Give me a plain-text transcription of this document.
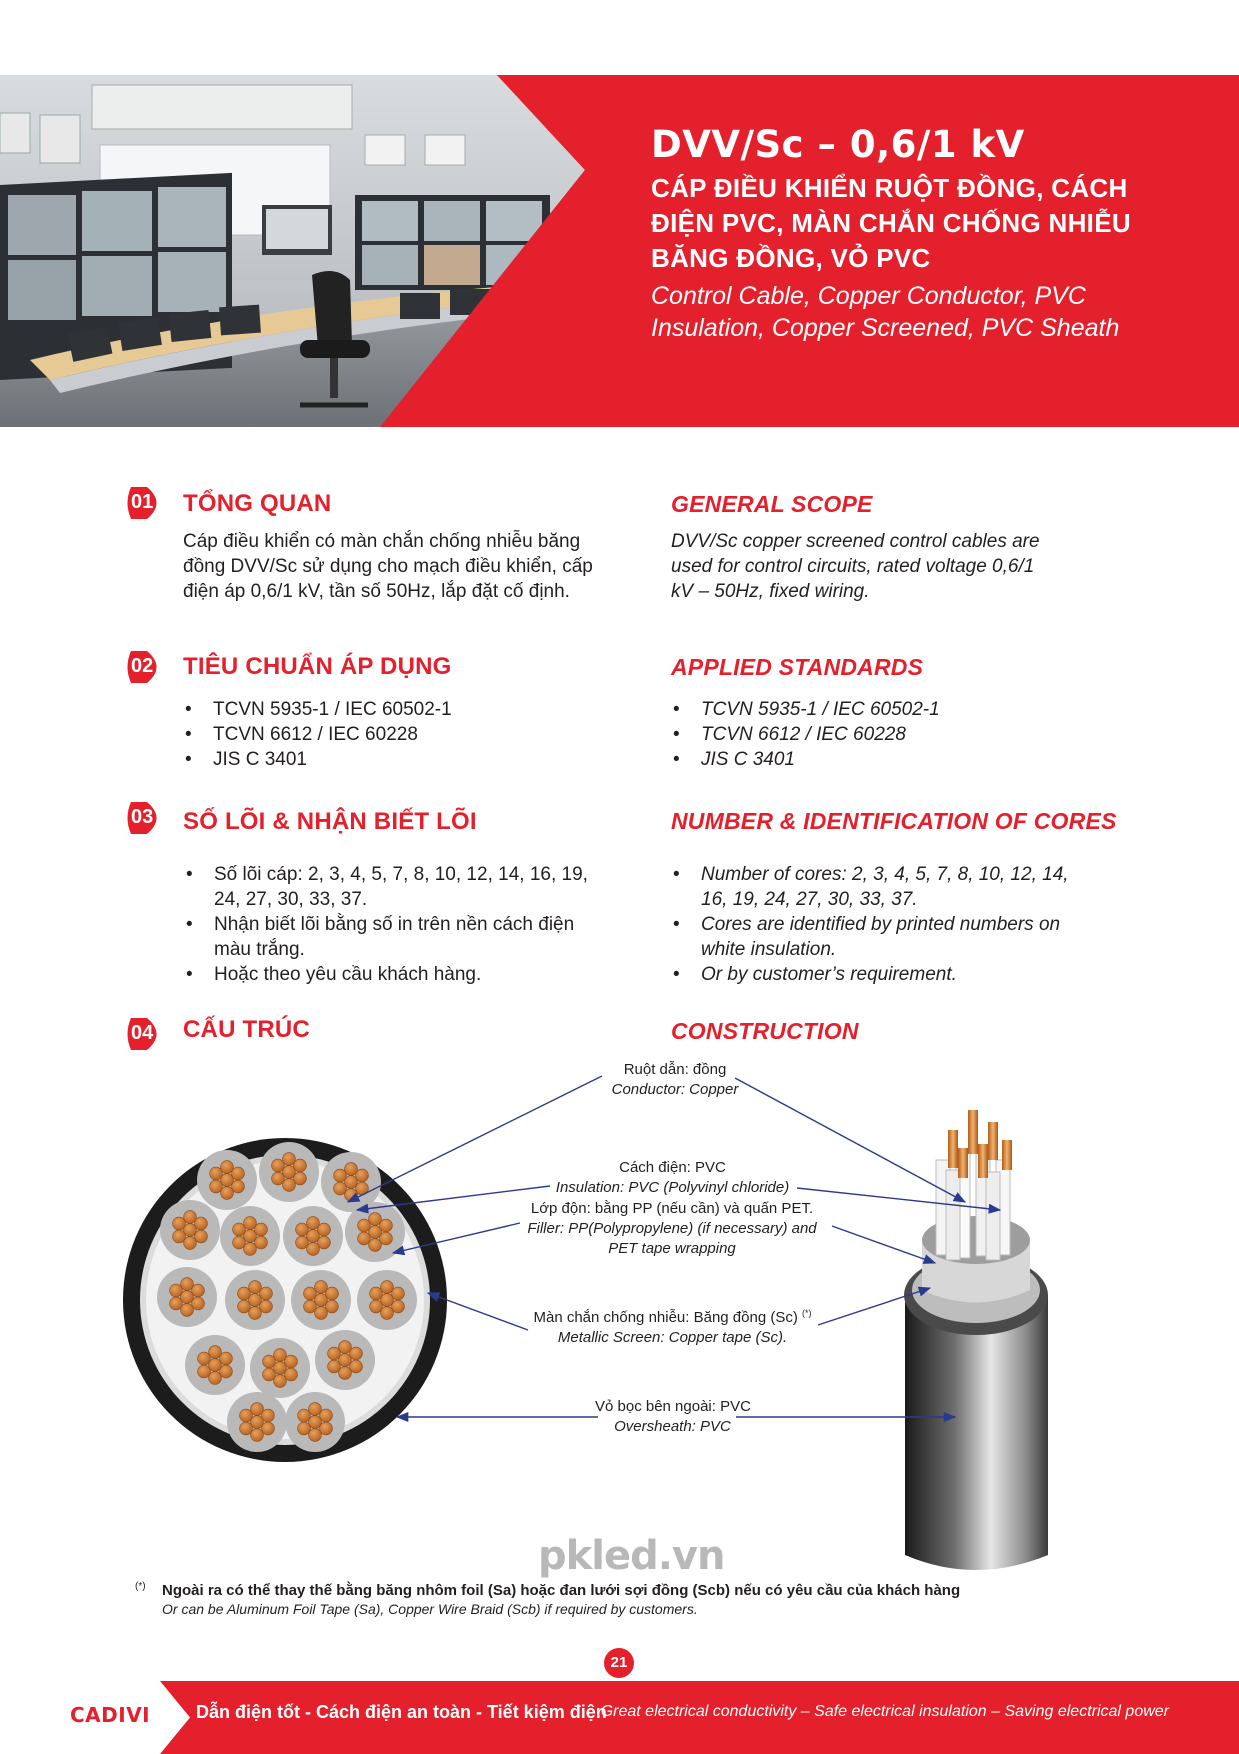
DVV/Sc – 0,6/1 kV
CÁP ĐIỀU KHIỂN RUỘT ĐỒNG, CÁCH
ĐIỆN PVC, MÀN CHẮN CHỐNG NHIỄU
BĂNG ĐỒNG, VỎ PVC
Control Cable, Copper Conductor, PVC
Insulation, Copper Screened, PVC Sheath
01 TỔNG QUAN	GENERAL SCOPE
Cáp điều khiển có màn chắn chống nhiễu băng
đồng DVV/Sc sử dụng cho mạch điều khiển, cấp
điện áp 0,6/1 kV, tần số 50Hz, lắp đặt cố định.
DVV/Sc copper screened control cables are
used for control circuits, rated voltage 0,6/1
kV – 50Hz, fixed wiring.
02 TIÊU CHUẨN ÁP DỤNG	APPLIED STANDARDS
• TCVN 5935-1 / IEC 60502-1
• TCVN 6612 / IEC 60228
• JIS C 3401
• TCVN 5935-1 / IEC 60502-1
• TCVN 6612 / IEC 60228
• JIS C 3401
03 SỐ LÕI & NHẬN BIẾT LÕI	NUMBER & IDENTIFICATION OF CORES
• Số lõi cáp: 2, 3, 4, 5, 7, 8, 10, 12, 14, 16, 19,
24, 27, 30, 33, 37.
• Nhận biết lõi bằng số in trên nền cách điện
màu trắng.
• Hoặc theo yêu cầu khách hàng.
• Number of cores: 2, 3, 4, 5, 7, 8, 10, 12, 14,
16, 19, 24, 27, 30, 33, 37.
• Cores are identified by printed numbers on
white insulation.
• Or by customer’s requirement.
04 CẤU TRÚC	CONSTRUCTION
Ruột dẫn: đồng
Conductor: Copper
Cách điện: PVC
Insulation: PVC (Polyvinyl chloride)
Lớp độn: bằng PP (nếu cần) và quấn PET.
Filler: PP(Polypropylene) (if necessary) and
PET tape wrapping
Màn chắn chống nhiễu: Băng đồng (Sc) (*)
Metallic Screen: Copper tape (Sc).
Vỏ bọc bên ngoài: PVC
Oversheath: PVC
pkled.vn
(*)	Ngoài ra có thể thay thế bằng băng nhôm foil (Sa) hoặc đan lưới sợi đồng (Scb) nếu có yêu cầu của khách hàng
Or can be Aluminum Foil Tape (Sa), Copper Wire Braid (Scb) if required by customers.
21
CADIVI	Dẫn điện tốt - Cách điện an toàn - Tiết kiệm điện
Great electrical conductivity – Safe electrical insulation – Saving electrical power
